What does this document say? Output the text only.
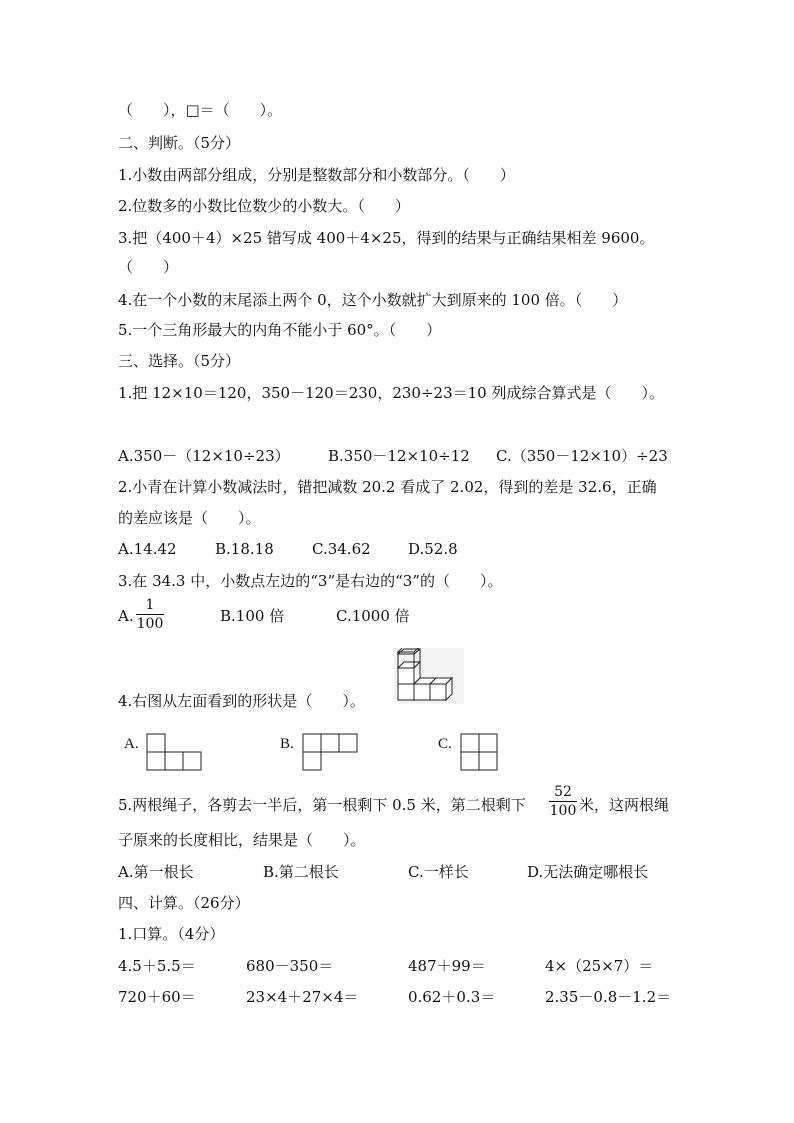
（　　），□＝（　　）。
二、判断。（5分）
1.小数由两部分组成，分别是整数部分和小数部分。（　　）
2.位数多的小数比位数少的小数大。（　　）
3.把（400＋4）×25 错写成 400＋4×25，得到的结果与正确结果相差 9600。
（　　）
4.在一个小数的末尾添上两个 0，这个小数就扩大到原来的 100 倍。（　　）
5.一个三角形最大的内角不能小于 60°。（　　）
三、选择。（5分）
1.把 12×10＝120，350－120＝230，230÷23＝10 列成综合算式是（　　）。
A.350－（12×10÷23）	B.350－12×10÷12 C.（350－12×10）÷23
2.小青在计算小数减法时，错把减数 20.2 看成了 2.02，得到的差是 32.6，正确
的差应该是（　　）。
A.14.42	B.18.18	C.34.62 D.52.8
3.在 34.3 中，小数点左边的“3”是右边的“3”的（　　）。
A.
1
100	B.100 倍	C.1000 倍
4.右图从左面看到的形状是（　　）。
A.	B.	C.
5.两根绳子，各剪去一半后，第一根剩下 0.5 米，第二根剩下
52
100 米，这两根绳
子原来的长度相比，结果是（　　）。
A.第一根长	B.第二根长	C.一样长	D.无法确定哪根长
四、计算。（26分）
1.口算。（4分）
4.5＋5.5＝	680－350＝	487＋99＝	4×（25×7）＝
720＋60＝	23×4＋27×4＝	0.62＋0.3＝	2.35－0.8－1.2＝
